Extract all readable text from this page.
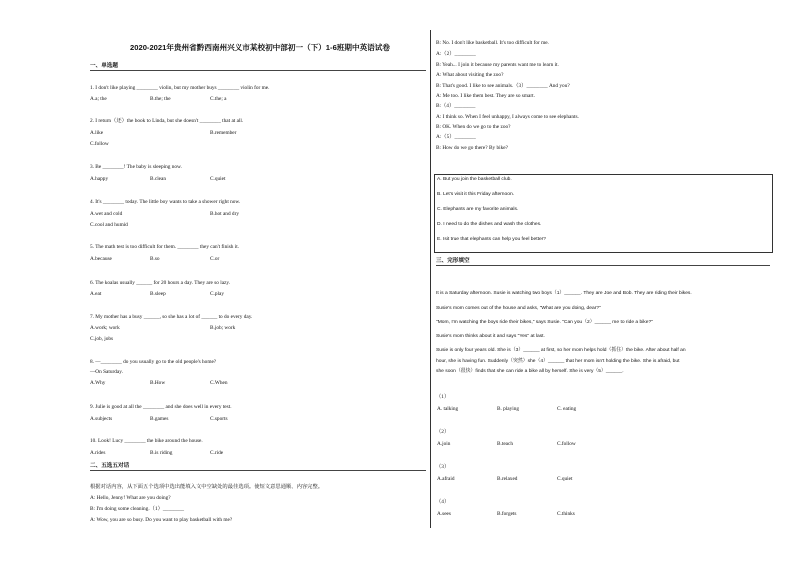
2020-2021年贵州省黔西南州兴义市某校初中部初一（下）1-6班期中英语试卷
一、单选题
1. I don't like playing ________ violin, but my mother buys ________ violin for me.
A.a; the	B.the; the	C.the; a
2. I return（还）the book to Linda, but she doesn't ________ that at all.
A.like	B.remember
C.follow
3. Be ________! The baby is sleeping now.
A.happy	B.clean	C.quiet
4. It's ________ today. The little boy wants to take a shower right now.
A.wet and cold	B.hot and dry
C.cool and humid
5. The math test is too difficult for them. ________ they can't finish it.
A.because	B.so	C.or
6. The koalas usually ______ for 20 hours a day. They are so lazy.
A.eat	B.sleep	C.play
7. My mother has a busy ______, so she has a lot of ______ to do every day.
A.work; work	B.job; work
C.job, jobs
8. —________ do you usually go to the old people's home?
—On Saturday.
A.Why	B.How	C.When
9. Julie is good at all the ________ and she does well in every test.
A.subjects	B.games	C.sports
10. Look! Lucy ________ the bike around the house.
A.rides	B.is riding	C.ride
二、五选五对话
根据对话内容，从下面五个选项中选出能填入文中空缺处的最佳选项。使短文意思通顺、内容完整。
A: Hello, Jenny! What are you doing?
B: I'm doing some cleaning.（1）________
A: Wow, you are so busy. Do you want to play basketball with me?
B: No. I don't like basketball. It's too difficult for me.
A:（2）________
B: Yeah... I join it because my parents want me to learn it.
A: What about visiting the zoo?
B: That's good. I like to see animals.（3）________ And you?
A: Me too. I like them best. They are so smart.
B:（4）________
A: I think so. When I feel unhappy, I always come to see elephants.
B: OK. When do we go to the zoo?
A:（5）________
B: How do we go there? By bike?
A. But you join the basketball club.
B. Let's visit it this Friday afternoon.
C. Elephants are my favorite animals.
D. I need to do the dishes and wash the clothes.
E. Isit true that elephants can help you feel better?
三、完形填空
It is a Saturday afternoon. Susie is watching two boys（1）______. They are Joe and Bob. They are riding their bikes.
Susie's mom comes out of the house and asks, "What are you doing, dear?"
"Mom, I'm watching the boys ride their bikes," says Susie. "Can you（2）______ me to ride a bike?"
Susie's mom thinks about it and says "Yes" at last.
Susie is only four years old. She is（3）______ at first, so her mom helps hold（抓住）the bike. After about half an
hour, she is having fun. Suddenly（突然）she（4）______ that her mom isn't holding the bike. She is afraid, but
she soon（很快）finds that she can ride a bike all by herself. She is very（5）______.
（1）
A. talking	B. playing	C. eating
（2）
A.join	B.teach	C.follow
（3）
A.afraid	B.relaxed	C.quiet
（4）
A.sees	B.forgets	C.thinks
